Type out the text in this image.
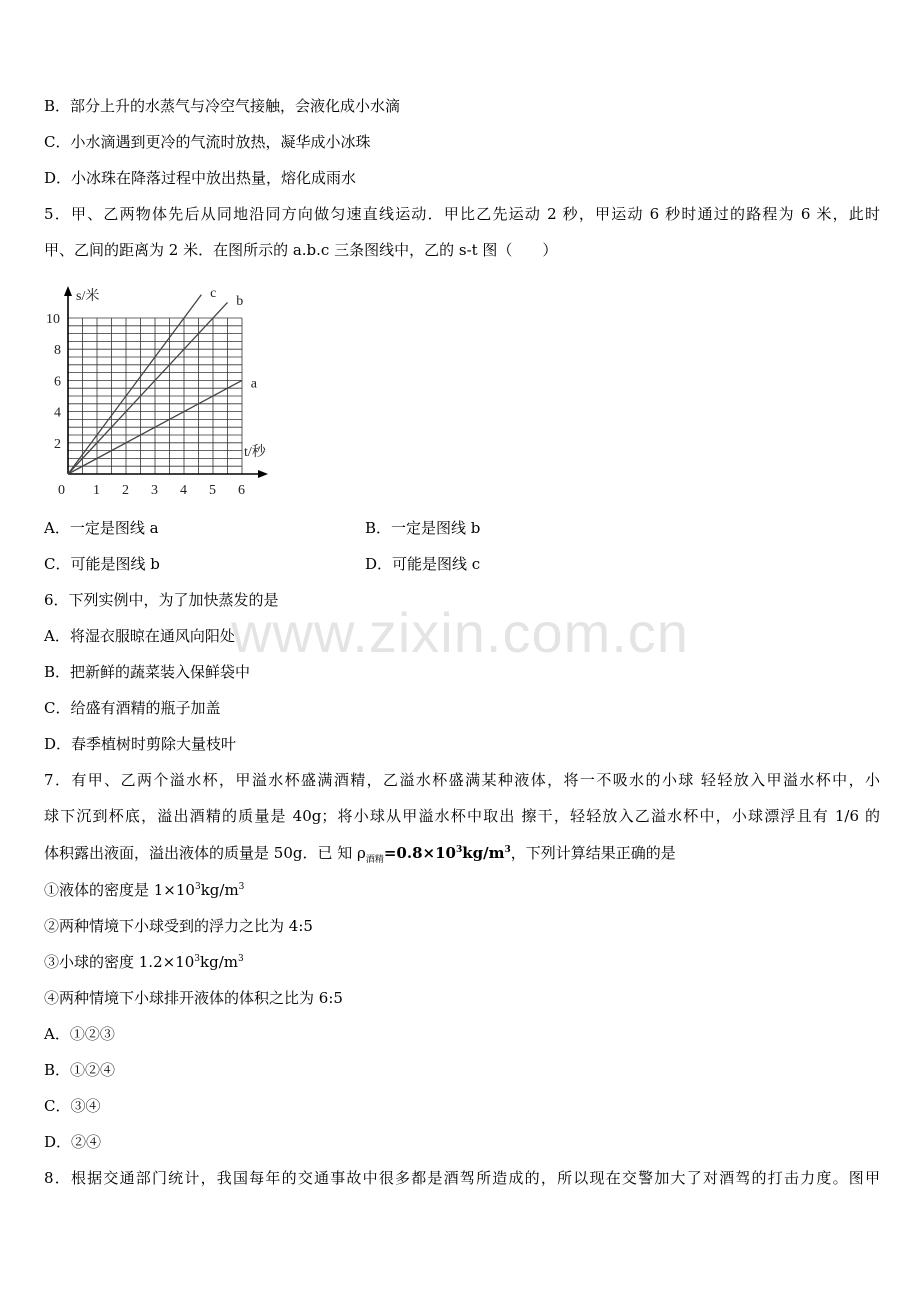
B．部分上升的水蒸气与冷空气接触，会液化成小水滴
C．小水滴遇到更冷的气流时放热，凝华成小冰珠
D．小冰珠在降落过程中放出热量，熔化成雨水
5．甲、乙两物体先后从同地沿同方向做匀速直线运动．甲比乙先运动 2 秒，甲运动 6 秒时通过的路程为 6 米，此时
甲、乙间的距离为 2 米．在图所示的 a.b.c 三条图线中，乙的 s-t 图（　　）
a
b
c
0 1 2 3 4 5 6
2
4
6
8
10
s/米
t/秒
A．一定是图线 a	B．一定是图线 b
C．可能是图线 b	D．可能是图线 c
6．下列实例中，为了加快蒸发的是
A．将湿衣服晾在通风向阳处
B．把新鲜的蔬菜装入保鲜袋中
C．给盛有酒精的瓶子加盖
D．春季植树时剪除大量枝叶
7．有甲、乙两个溢水杯，甲溢水杯盛满酒精，乙溢水杯盛满某种液体，将一不吸水的小球 轻轻放入甲溢水杯中，小
球下沉到杯底，溢出酒精的质量是 40g；将小球从甲溢水杯中取出 擦干，轻轻放入乙溢水杯中，小球漂浮且有 1/6 的
体积露出液面，溢出液体的质量是 50g．已 知 $\rho_{酒精}=0.8\times 10^3kg/m^3$，下列计算结果正确的是
①液体的密度是 $1\times 10^3kg/m^3$
②两种情境下小球受到的浮力之比为 4:5
③小球的密度 $1.2\times 10^3kg/m^3$
④两种情境下小球排开液体的体积之比为 6:5
A．①②③
B．①②④
C．③④
D．②④
8．根据交通部门统计，我国每年的交通事故中很多都是酒驾所造成的，所以现在交警加大了对酒驾的打击力度。图甲
www.zixin.com.cn
